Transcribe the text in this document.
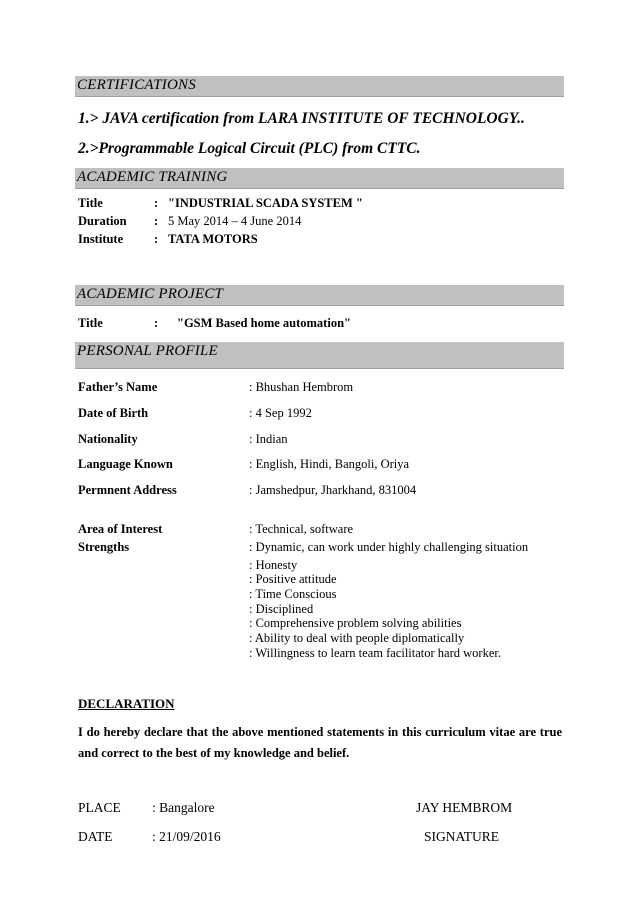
CERTIFICATIONS
1.> JAVA certification from LARA INSTITUTE OF TECHNOLOGY..
2.>Programmable Logical Circuit (PLC) from CTTC.
ACADEMIC TRAINING
Title	: "INDUSTRIAL SCADA SYSTEM "
Duration : 5 May 2014 – 4 June 2014
Institute : TATA MOTORS
ACADEMIC PROJECT
Title	: "GSM Based home automation"
PERSONAL PROFILE
Father’s Name	: Bhushan Hembrom
Date of Birth	: 4 Sep 1992
Nationality	: Indian
Language Known	: English, Hindi, Bangoli, Oriya
Permnent Address	: Jamshedpur, Jharkhand, 831004
Area of Interest	: Technical, software
Strengths	: Dynamic, can work under highly challenging situation
: Honesty
: Positive attitude
: Time Conscious
: Disciplined
: Comprehensive problem solving abilities
: Ability to deal with people diplomatically
: Willingness to learn team facilitator hard worker.
DECLARATION
I do hereby declare that the above mentioned statements in this curriculum vitae are true and correct to the best of my knowledge and belief.
PLACE : Bangalore	JAY HEMBROM
DATE	: 21/09/2016	SIGNATURE
